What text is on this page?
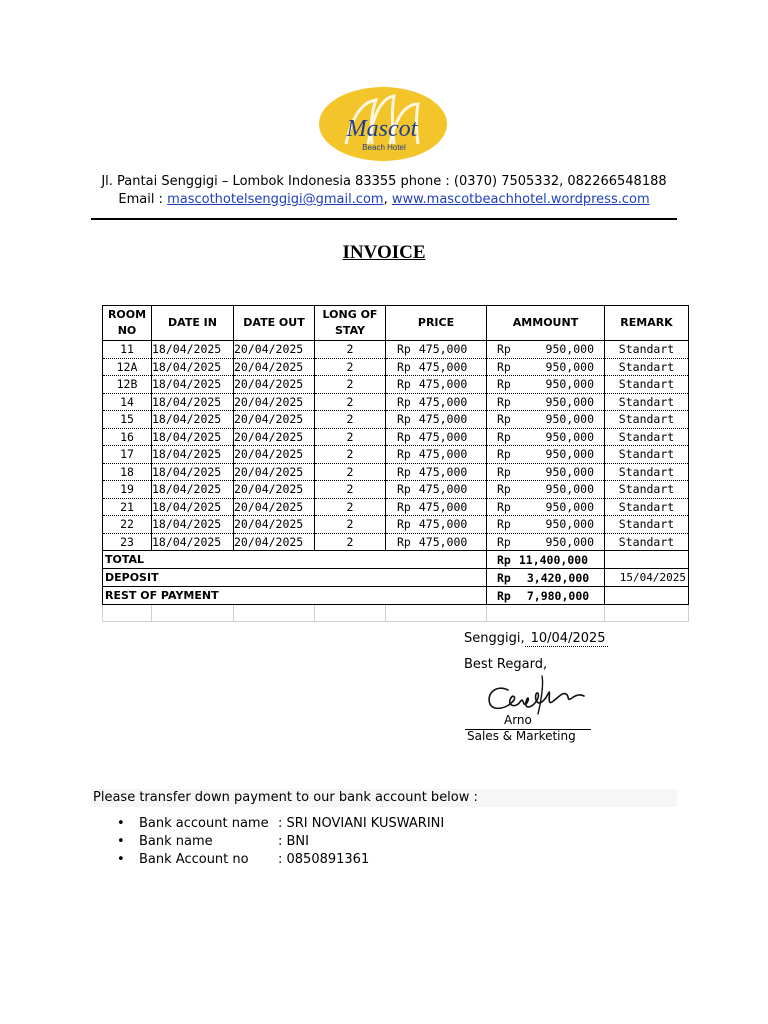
Mascot
Beach Hotel
Jl. Pantai Senggigi – Lombok Indonesia 83355 phone : (0370) 7505332, 082266548188
Email : mascothotelsenggigi@gmail.com, www.mascotbeachhotel.wordpress.com
INVOICE
ROOM NO	DATE IN	DATE OUT	LONG OF STAY	PRICE	AMMOUNT	REMARK
11	18/04/2025	20/04/2025	2	Rp 475,000	Rp 950,000	Standart
12A	18/04/2025	20/04/2025	2	Rp 475,000	Rp 950,000	Standart
12B	18/04/2025	20/04/2025	2	Rp 475,000	Rp 950,000	Standart
14	18/04/2025	20/04/2025	2	Rp 475,000	Rp 950,000	Standart
15	18/04/2025	20/04/2025	2	Rp 475,000	Rp 950,000	Standart
16	18/04/2025	20/04/2025	2	Rp 475,000	Rp 950,000	Standart
17	18/04/2025	20/04/2025	2	Rp 475,000	Rp 950,000	Standart
18	18/04/2025	20/04/2025	2	Rp 475,000	Rp 950,000	Standart
19	18/04/2025	20/04/2025	2	Rp 475,000	Rp 950,000	Standart
21	18/04/2025	20/04/2025	2	Rp 475,000	Rp 950,000	Standart
22	18/04/2025	20/04/2025	2	Rp 475,000	Rp 950,000	Standart
23	18/04/2025	20/04/2025	2	Rp 475,000	Rp 950,000	Standart
TOTAL					Rp 11,400,000	

DEPOSIT					Rp 3,420,000	15/04/2025
REST OF PAYMENT					Rp 7,980,000	

Senggigi, 10/04/2025
Best Regard,
Arno
Sales & Marketing
Please transfer down payment to our bank account below :
• Bank account name : SRI NOVIANI KUSWARINI
• Bank name	: BNI
• Bank Account no : 0850891361
